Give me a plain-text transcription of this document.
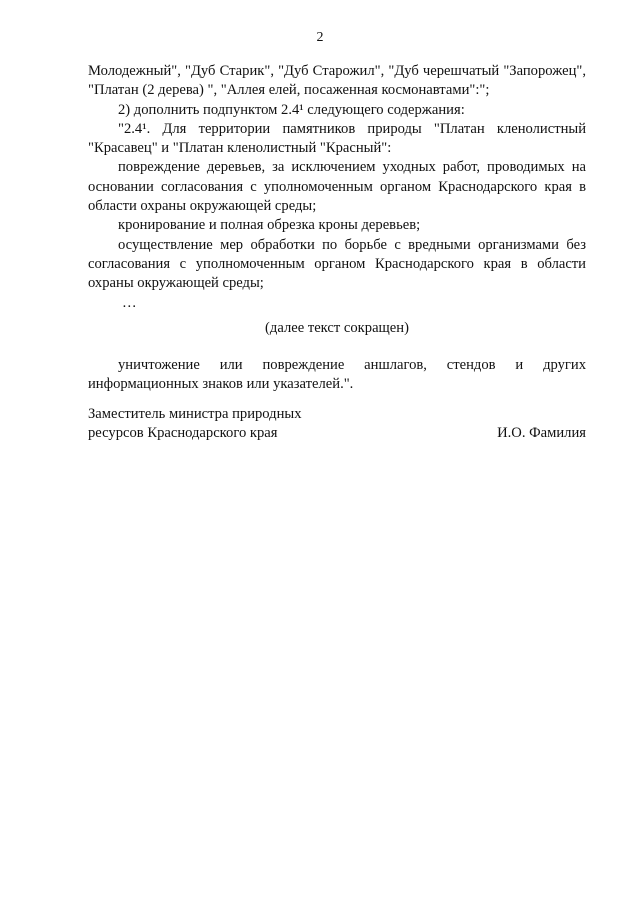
2

Молодежный", "Дуб Старик", "Дуб Старожил", "Дуб черешчатый "Запорожец", "Платан (2 дерева) ", "Аллея елей, посаженная космонавтами":";

2) дополнить подпунктом 2.4¹ следующего содержания:

"2.4¹. Для территории памятников природы "Платан кленолистный "Красавец" и "Платан кленолистный "Красный":

повреждение деревьев, за исключением уходных работ, проводимых на основании согласования с уполномоченным органом Краснодарского края в области охраны окружающей среды;

кронирование и полная обрезка кроны деревьев;

осуществление мер обработки по борьбе с вредными организмами без согласования с уполномоченным органом Краснодарского края в области охраны окружающей среды;

…

(далее текст сокращен)

уничтожение или повреждение аншлагов, стендов и других информационных знаков или указателей.".

Заместитель министра природных
ресурсов Краснодарского края	И.О. Фамилия
